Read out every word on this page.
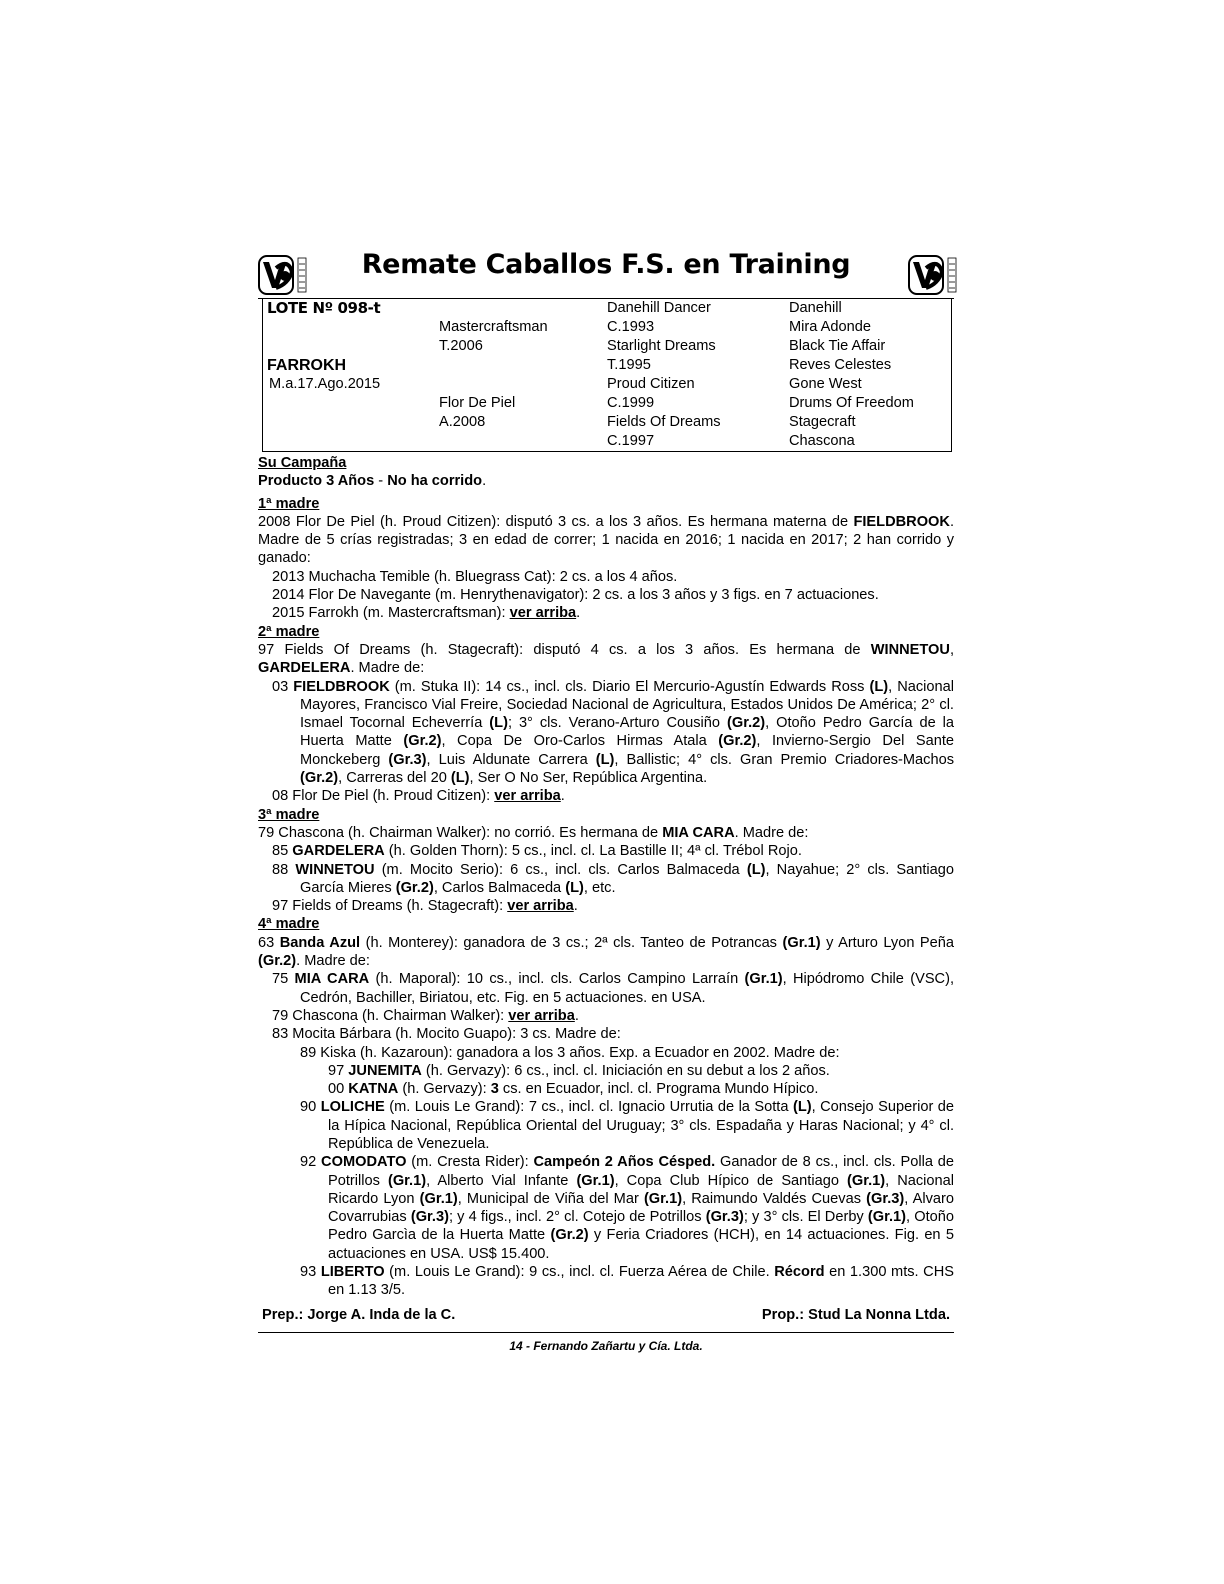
Remate Caballos F.S. en Training
LOTE Nº 098-t
FARROKH
M.a.17.Ago.2015
Mastercraftsman
T.2006
Flor De Piel
A.2008
Danehill Dancer
C.1993
Starlight Dreams
T.1995
Proud Citizen
C.1999
Fields Of Dreams
C.1997
Danehill
Mira Adonde
Black Tie Affair
Reves Celestes
Gone West
Drums Of Freedom
Stagecraft
Chascona

Su Campaña

Producto 3 Años - No ha corrido.

1ª madre

2008 Flor De Piel (h. Proud Citizen): disputó 3 cs. a los 3 años. Es hermana materna de FIELDBROOK. Madre de 5 crías registradas; 3 en edad de correr; 1 nacida en 2016; 1 nacida en 2017; 2 han corrido y ganado:

2013 Muchacha Temible (h. Bluegrass Cat): 2 cs. a los 4 años.

2014 Flor De Navegante (m. Henrythenavigator): 2 cs. a los 3 años y 3 figs. en 7 actuaciones.

2015 Farrokh (m. Mastercraftsman): ver arriba.

2ª madre

97 Fields Of Dreams (h. Stagecraft): disputó 4 cs. a los 3 años. Es hermana de WINNETOU, GARDELERA. Madre de:

03 FIELDBROOK (m. Stuka II): 14 cs., incl. cls. Diario El Mercurio-Agustín Edwards Ross (L), Nacional Mayores, Francisco Vial Freire, Sociedad Nacional de Agricultura, Estados Unidos De América; 2° cl. Ismael Tocornal Echeverría (L); 3° cls. Verano-Arturo Cousiño (Gr.2), Otoño Pedro García de la Huerta Matte (Gr.2), Copa De Oro-Carlos Hirmas Atala (Gr.2), Invierno-Sergio Del Sante Monckeberg (Gr.3), Luis Aldunate Carrera (L), Ballistic; 4° cls. Gran Premio Criadores-Machos (Gr.2), Carreras del 20 (L), Ser O No Ser, República Argentina.

08 Flor De Piel (h. Proud Citizen): ver arriba.

3ª madre

79 Chascona (h. Chairman Walker): no corrió. Es hermana de MIA CARA. Madre de:

85 GARDELERA (h. Golden Thorn): 5 cs., incl. cl. La Bastille II; 4ª cl. Trébol Rojo.

88 WINNETOU (m. Mocito Serio): 6 cs., incl. cls. Carlos Balmaceda (L), Nayahue; 2° cls. Santiago García Mieres (Gr.2), Carlos Balmaceda (L), etc.

97 Fields of Dreams (h. Stagecraft): ver arriba.

4ª madre

63 Banda Azul (h. Monterey): ganadora de 3 cs.; 2ª cls. Tanteo de Potrancas (Gr.1) y Arturo Lyon Peña (Gr.2). Madre de:

75 MIA CARA (h. Maporal): 10 cs., incl. cls. Carlos Campino Larraín (Gr.1), Hipódromo Chile (VSC), Cedrón, Bachiller, Biriatou, etc. Fig. en 5 actuaciones. en USA.

79 Chascona (h. Chairman Walker): ver arriba.

83 Mocita Bárbara (h. Mocito Guapo): 3 cs. Madre de:

89 Kiska (h. Kazaroun): ganadora a los 3 años. Exp. a Ecuador en 2002. Madre de:

97 JUNEMITA (h. Gervazy): 6 cs., incl. cl. Iniciación en su debut a los 2 años.

00 KATNA (h. Gervazy): 3 cs. en Ecuador, incl. cl. Programa Mundo Hípico.

90 LOLICHE (m. Louis Le Grand): 7 cs., incl. cl. Ignacio Urrutia de la Sotta (L), Consejo Superior de la Hípica Nacional, República Oriental del Uruguay; 3° cls. Espadaña y Haras Nacional; y 4° cl. República de Venezuela.

92 COMODATO (m. Cresta Rider): Campeón 2 Años Césped. Ganador de 8 cs., incl. cls. Polla de Potrillos (Gr.1), Alberto Vial Infante (Gr.1), Copa Club Hípico de Santiago (Gr.1), Nacional Ricardo Lyon (Gr.1), Municipal de Viña del Mar (Gr.1), Raimundo Valdés Cuevas (Gr.3), Alvaro Covarrubias (Gr.3); y 4 figs., incl. 2° cl. Cotejo de Potrillos (Gr.3); y 3° cls. El Derby (Gr.1), Otoño Pedro Garcìa de la Huerta Matte (Gr.2) y Feria Criadores (HCH), en 14 actuaciones. Fig. en 5 actuaciones en USA. US$ 15.400.

93 LIBERTO (m. Louis Le Grand): 9 cs., incl. cl. Fuerza Aérea de Chile. Récord en 1.300 mts. CHS en 1.13 3/5.

Prep.: Jorge A. Inda de la C.	Prop.: Stud La Nonna Ltda.
14 - Fernando Zañartu y Cía. Ltda.
